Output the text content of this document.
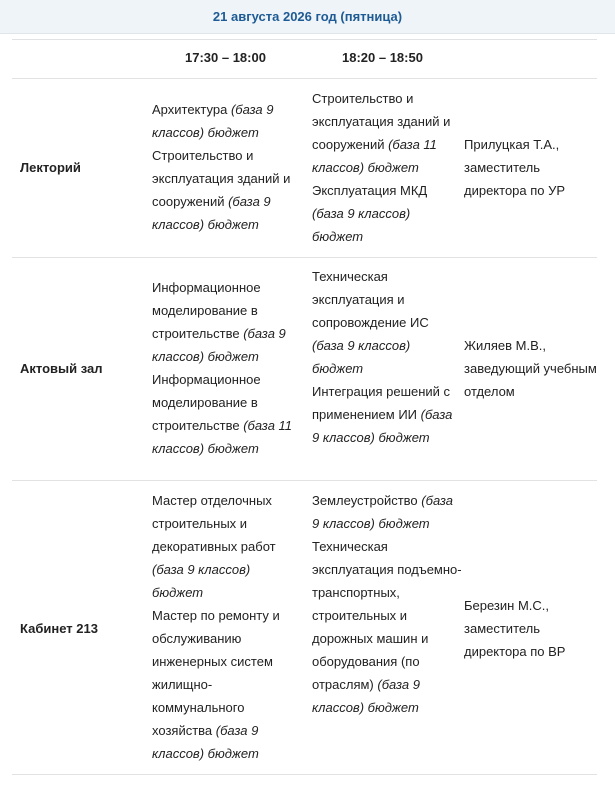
21 августа 2026 год (пятница)
17:30 – 18:00	18:20 – 18:50
Лекторий
Архитектура (база 9 классов) бюджет
Строительство и эксплуатация зданий и сооружений (база 9 классов) бюджет
Строительство и эксплуатация зданий и сооружений (база 11 классов) бюджет
Эксплуатация МКД (база 9 классов) бюджет
Прилуцкая Т.А., заместитель директора по УР
Актовый зал
Информационное моделирование в строительстве (база 9 классов) бюджет
Информационное моделирование в строительстве (база 11 классов) бюджет
Техническая эксплуатация и сопровождение ИС (база 9 классов) бюджет
Интеграция решений с применением ИИ (база 9 классов) бюджет
Жиляев М.В., заведующий учебным отделом
Кабинет 213
Мастер отделочных строительных и декоративных работ (база 9 классов) бюджет
Мастер по ремонту и обслуживанию инженерных систем жилищно-коммунального хозяйства (база 9 классов) бюджет
Землеустройство (база 9 классов) бюджет
Техническая эксплуатация подъемно-транспортных, строительных и дорожных машин и оборудования (по отраслям) (база 9 классов) бюджет
Березин М.С., заместитель директора по ВР
